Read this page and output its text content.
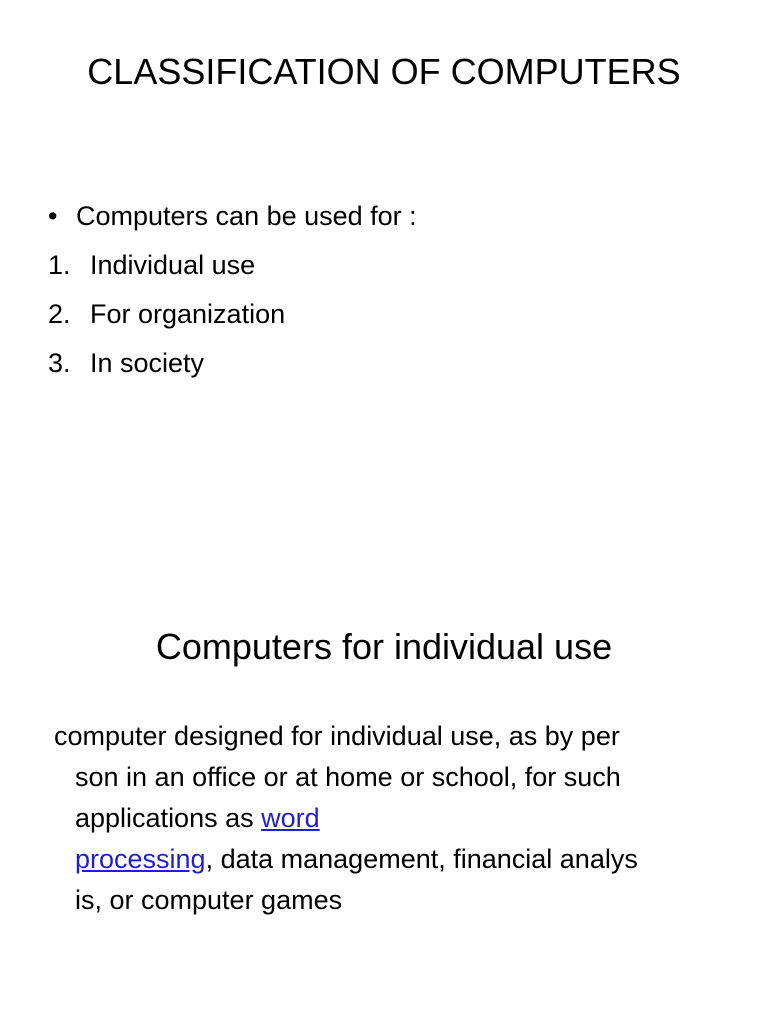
CLASSIFICATION OF COMPUTERS
• Computers can be used for :
1. Individual use
2. For organization
3. In society
Computers for individual use
computer designed for individual use, as by per
son in an office or at home or school, for such
applications as word
processing, data management, financial analys
is, or computer games
